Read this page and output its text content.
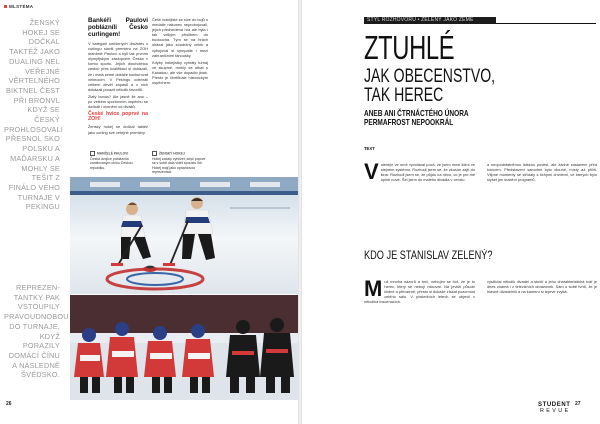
MLSTÉMA
ŽENSKÝ HOKEJ SE DOČKAL TAKTÉŽ JAKO DUALING NEL VEŘEJNÉ VĚRTELNÉHO BIKTNEL ČEST PŘI BRONVL KDYŽ SE ČESKÝ PROHLOSOVALI PŘESNOL SKO POLSKU A MAĎARSKU A MOHLY SE TEŠIT Z FINÁLO VÉHO TURNAJE V PEKINGU
REPREZEN-TANTKY PAK VSTOUPILY PRAVOUDNOBOU DO TURNAJE, KDYŽ PORAZILY DOMÁCÍ ČÍNU A NÁSLEDNĚ ŠVÉDSKO.
Bankéři Paulovi poblázníli Česko curlingem!

V kategorii smíšených družstev v curlingu slavili premiéru na ZOH manželé Paulovi a byli tak prvním olympijským zástupcem Česka v tomto sportu. Jejich dlouholetou cestou přes kvalifikaci si dokázali, že i malá země dokáže konkurovat velmocím. V Pekingu odehráli celkem devět zápasů a v nich dokázali porazit několik favoritů.

Zlatý bonus? Ale jasně že ano – po velkém sportovním úspěchu se dočkali i ocenění od diváků.

České hvice poprvé na ZOH!

Ženský hokej se dočkal taktéž jako curling své veřejné premiéry.

Čeští hokejisté se sice do bojů o medaile nakonec neprobojovali, jejich předvedená hra ale byla i tak velkým příslibem do budoucna. Tým se na hrách ukázal jako soudržný celek a vybojoval si sympatie i mezi zahraničními fanoušky.

Kdyby hokejistky vyhrály turnaj ve skupině, mohly se utkat s Kanadou, ale vše dopadlo jinak. Přesto je čtvrtfinále historickým úspěchem.

MANŽELÉ PAULOVI
Česká dvojice poblázníla zamilovaným celou Českou republiku.
ŽENSKÝ HOKEJ
Hokej začaly vyhlížet, když poprvé se v sobě dala vidět spoustu lidí. Hokej mají jako opravdovou reprezentaci.
26
STYL ROZHOVORU • ZELENÝ JAKO ZEMĚ
ZTUHLÉ
JAK OBECENSTVO, TAK HEREC
ANEB ANI ČTRNÁCTÉHO ÚNORA PERMAFROST NEPOOKRÁL
TEXT
V alentýn ve mně vyvolával pocit, že jsem mezi lidmi ve stejném systému. Rozhodl jsem se, že zkusím zajít do kina. Rozhodl jsem se, že půjdu na něco, co je pro mě úplně nové. Šel jsem do malého divadla v centru.

a neopodstatněnou lidskou pověst, ale žádné zastavení před koncem. Představení samotné bylo dlouhé, místy až příliš. Vtipné momenty se střídaly s tichými chvílemi, ve kterých bylo slyšet jen šustění programů.

KDO JE STANISLAV ZELENÝ?
M už mnoha názorů a řečí, nebojím se říct, že je to herec, který se nebojí riskovat. Na jevišti působí klidně a přirozeně, přesto si dokáže získat pozornost celého sálu. V posledních letech se objevil v několika inscenacích.

vystřídal několik divadel a studií a jeho charakteristická tvář je dnes známá i z televizních obrazovek. Sám o sobě tvrdí, že je hlavně divadelník a na kameru si teprve zvyká.

STUDENT
REVUE
27
